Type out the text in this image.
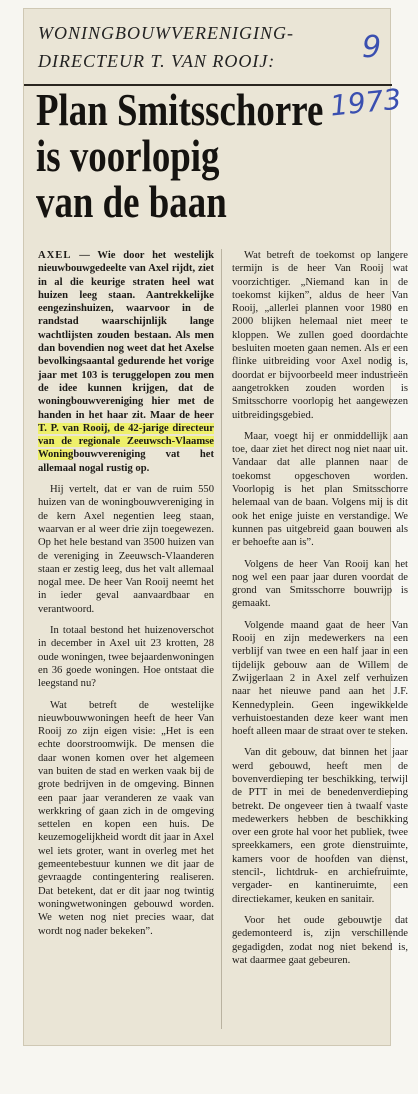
WONINGBOUWVERENIGING-
DIRECTEUR T. VAN ROOIJ:
Plan Smitsschorre
is voorlopig
van de baan

AXEL — Wie door het westelijk nieuwbouwgedeelte van Axel rijdt, ziet in al die keurige straten heel wat huizen leeg staan. Aantrekkelijke eengezinshuizen, waarvoor in de randstad waarschijnlijk lange wachtlijsten zouden bestaan. Als men dan bovendien nog weet dat het Axelse bevolkingsaantal gedurende het vorige jaar met 103 is teruggelopen zou men de idee kunnen krijgen, dat de woningbouwvereniging hier met de handen in het haar zit. Maar de heer T. P. van Rooij, de 42-jarige directeur van de regionale Zeeuwsch-Vlaamse Woningbouwvereniging vat het allemaal nogal rustig op.

Hij vertelt, dat er van de ruim 550 huizen van de woningbouwvereniging in de kern Axel negentien leeg staan, waarvan er al weer drie zijn toegewezen. Op het hele bestand van 3500 huizen van de vereniging in Zeeuwsch-Vlaanderen staan er zestig leeg, dus het valt allemaal nogal mee. De heer Van Rooij neemt het in ieder geval aanvaardbaar en verantwoord.

In totaal bestond het huizenoverschot in december in Axel uit 23 krotten, 28 oude woningen, twee bejaardenwoningen en 36 goede woningen. Hoe ontstaat die leegstand nu?

Wat betreft de westelijke nieuwbouwwoningen heeft de heer Van Rooij zo zijn eigen visie: „Het is een echte doorstroomwijk. De mensen die daar wonen komen over het algemeen van buiten de stad en werken vaak bij de grote bedrijven in de omgeving. Binnen een paar jaar veranderen ze vaak van werkkring of gaan zich in de omgeving settelen en kopen een huis. De keuzemogelijkheid wordt dit jaar in Axel wel iets groter, want in overleg met het gemeentebestuur kunnen we dit jaar de gevraagde contingentering realiseren. Dat betekent, dat er dit jaar nog twintig woningwetwoningen gebouwd worden. We weten nog niet precies waar, dat wordt nog nader bekeken”.

Wat betreft de toekomst op langere termijn is de heer Van Rooij wat voorzichtiger. „Niemand kan in de toekomst kijken”, aldus de heer Van Rooij, „allerlei plannen voor 1980 en 2000 blijken helemaal niet meer te kloppen. We zullen goed doordachte besluiten moeten gaan nemen. Als er een flinke uitbreiding voor Axel nodig is, doordat er bijvoorbeeld meer industrieën aangetrokken zouden worden is Smitsschorre voorlopig het aangewezen uitbreidingsgebied.

Maar, voegt hij er onmiddellijk aan toe, daar ziet het direct nog niet naar uit. Vandaar dat alle plannen naar de toekomst opgeschoven worden. Voorlopig is het plan Smitsschorre helemaal van de baan. Volgens mij is dit ook het enige juiste en verstandige. We kunnen pas uitgebreid gaan bouwen als er behoefte aan is”.

Volgens de heer Van Rooij kan het nog wel een paar jaar duren voordat de grond van Smitsschorre bouwrijp is gemaakt.

Volgende maand gaat de heer Van Rooij en zijn medewerkers na een verblijf van twee en een half jaar in een tijdelijk gebouw aan de Willem de Zwijgerlaan 2 in Axel zelf verhuizen naar het nieuwe pand aan het J.F. Kennedyplein. Geen ingewikkelde verhuistoestanden deze keer want men hoeft alleen maar de straat over te steken.

Van dit gebouw, dat binnen het jaar werd gebouwd, heeft men de bovenverdieping ter beschikking, terwijl de PTT in mei de benedenverdieping betrekt. De ongeveer tien à twaalf vaste medewerkers hebben de beschikking over een grote hal voor het publiek, twee spreekkamers, een grote dienstruimte, kamers voor de hoofden van dienst, stencil-, lichtdruk- en archiefruimte, vergader- en kantineruimte, een directiekamer, keuken en sanitair.

Voor het oude gebouwtje dat gedemonteerd is, zijn verschillende gegadigden, zodat nog niet bekend is, wat daarmee gaat gebeuren.

9
1973
